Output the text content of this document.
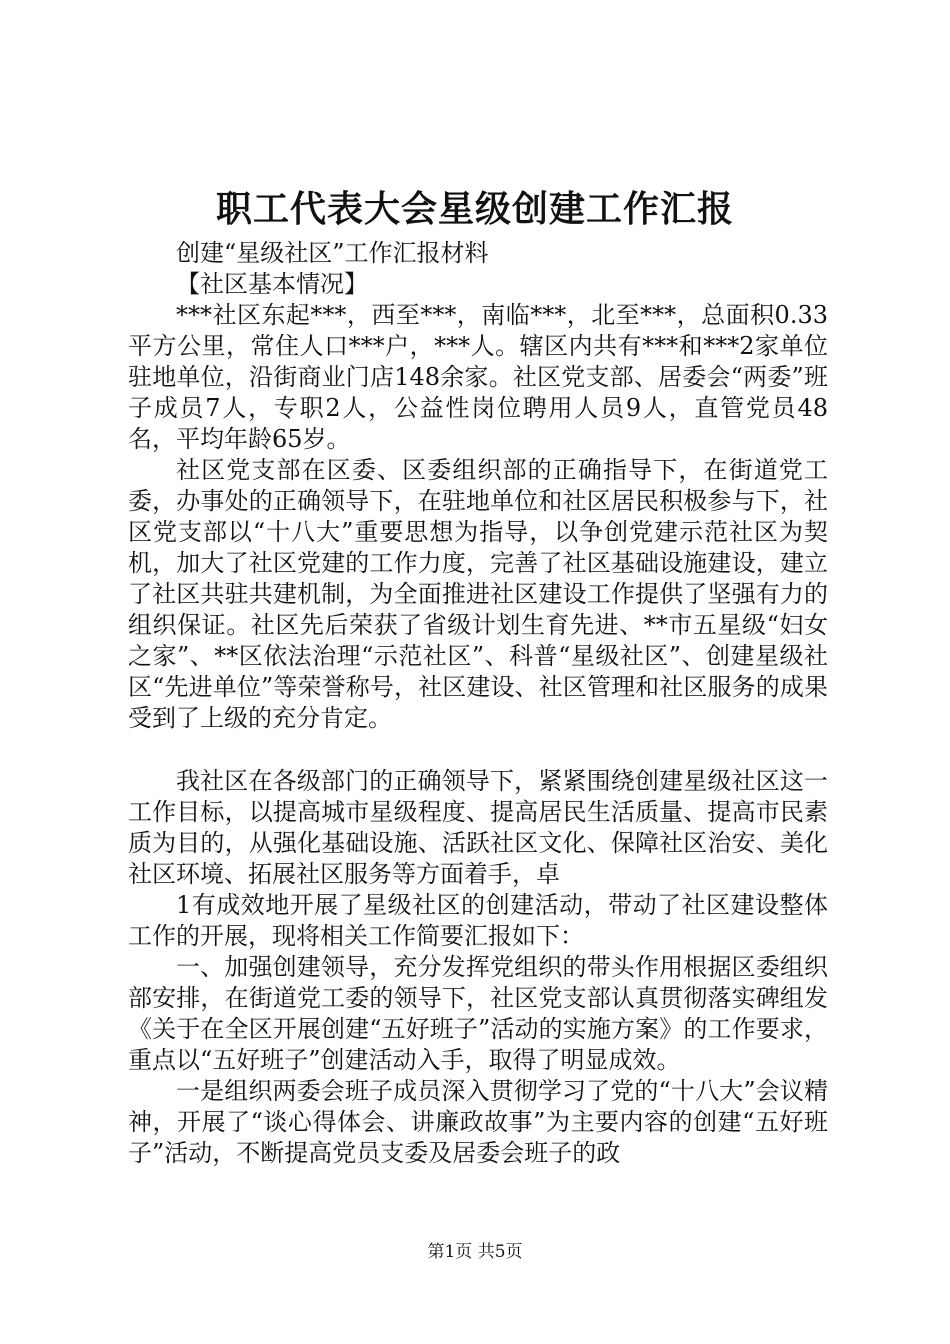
职工代表大会星级创建工作汇报

创建“星级社区”工作汇报材料

【社区基本情况】

***社区东起***，西至***，南临***，北至***，总面积0.33平方公里，常住人口***户，***人。辖区内共有***和***2家单位驻地单位，沿街商业门店148余家。社区党支部、居委会“两委”班子成员7人，专职2人，公益性岗位聘用人员9人，直管党员48名，平均年龄65岁。

社区党支部在区委、区委组织部的正确指导下，在街道党工委，办事处的正确领导下，在驻地单位和社区居民积极参与下，社区党支部以“十八大”重要思想为指导，以争创党建示范社区为契机，加大了社区党建的工作力度，完善了社区基础设施建设，建立了社区共驻共建机制，为全面推进社区建设工作提供了坚强有力的组织保证。社区先后荣获了省级计划生育先进、**市五星级“妇女之家”、**区依法治理“示范社区”、科普“星级社区”、创建星级社区“先进单位”等荣誉称号，社区建设、社区管理和社区服务的成果受到了上级的充分肯定。

我社区在各级部门的正确领导下，紧紧围绕创建星级社区这一工作目标，以提高城市星级程度、提高居民生活质量、提高市民素质为目的，从强化基础设施、活跃社区文化、保障社区治安、美化社区环境、拓展社区服务等方面着手，卓

1有成效地开展了星级社区的创建活动，带动了社区建设整体工作的开展，现将相关工作简要汇报如下：

一、加强创建领导，充分发挥党组织的带头作用根据区委组织部安排，在街道党工委的领导下，社区党支部认真贯彻落实碑组发《关于在全区开展创建“五好班子”活动的实施方案》的工作要求，重点以“五好班子”创建活动入手，取得了明显成效。

一是组织两委会班子成员深入贯彻学习了党的“十八大”会议精神，开展了“谈心得体会、讲廉政故事”为主要内容的创建“五好班子”活动，不断提高党员支委及居委会班子的政

第1页 共5页
